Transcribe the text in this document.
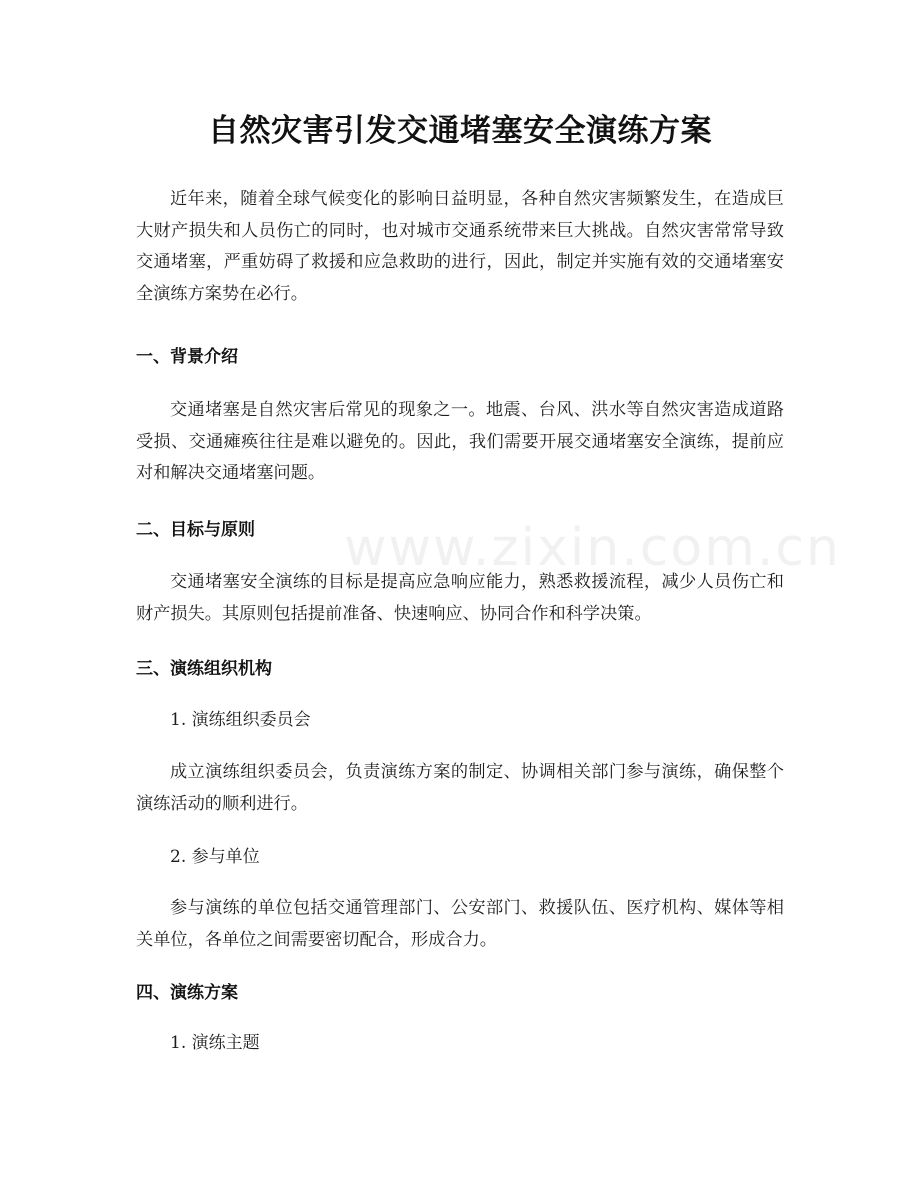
自然灾害引发交通堵塞安全演练方案

近年来，随着全球气候变化的影响日益明显，各种自然灾害频繁发生，在造成巨大财产损失和人员伤亡的同时，也对城市交通系统带来巨大挑战。自然灾害常常导致交通堵塞，严重妨碍了救援和应急救助的进行，因此，制定并实施有效的交通堵塞安全演练方案势在必行。

一、背景介绍

交通堵塞是自然灾害后常见的现象之一。地震、台风、洪水等自然灾害造成道路受损、交通瘫痪往往是难以避免的。因此，我们需要开展交通堵塞安全演练，提前应对和解决交通堵塞问题。

二、目标与原则

交通堵塞安全演练的目标是提高应急响应能力，熟悉救援流程，减少人员伤亡和财产损失。其原则包括提前准备、快速响应、协同合作和科学决策。

三、演练组织机构
1. 演练组织委员会

成立演练组织委员会，负责演练方案的制定、协调相关部门参与演练，确保整个演练活动的顺利进行。

2. 参与单位

参与演练的单位包括交通管理部门、公安部门、救援队伍、医疗机构、媒体等相关单位，各单位之间需要密切配合，形成合力。

四、演练方案
1. 演练主题
www.zixin.com.cn
